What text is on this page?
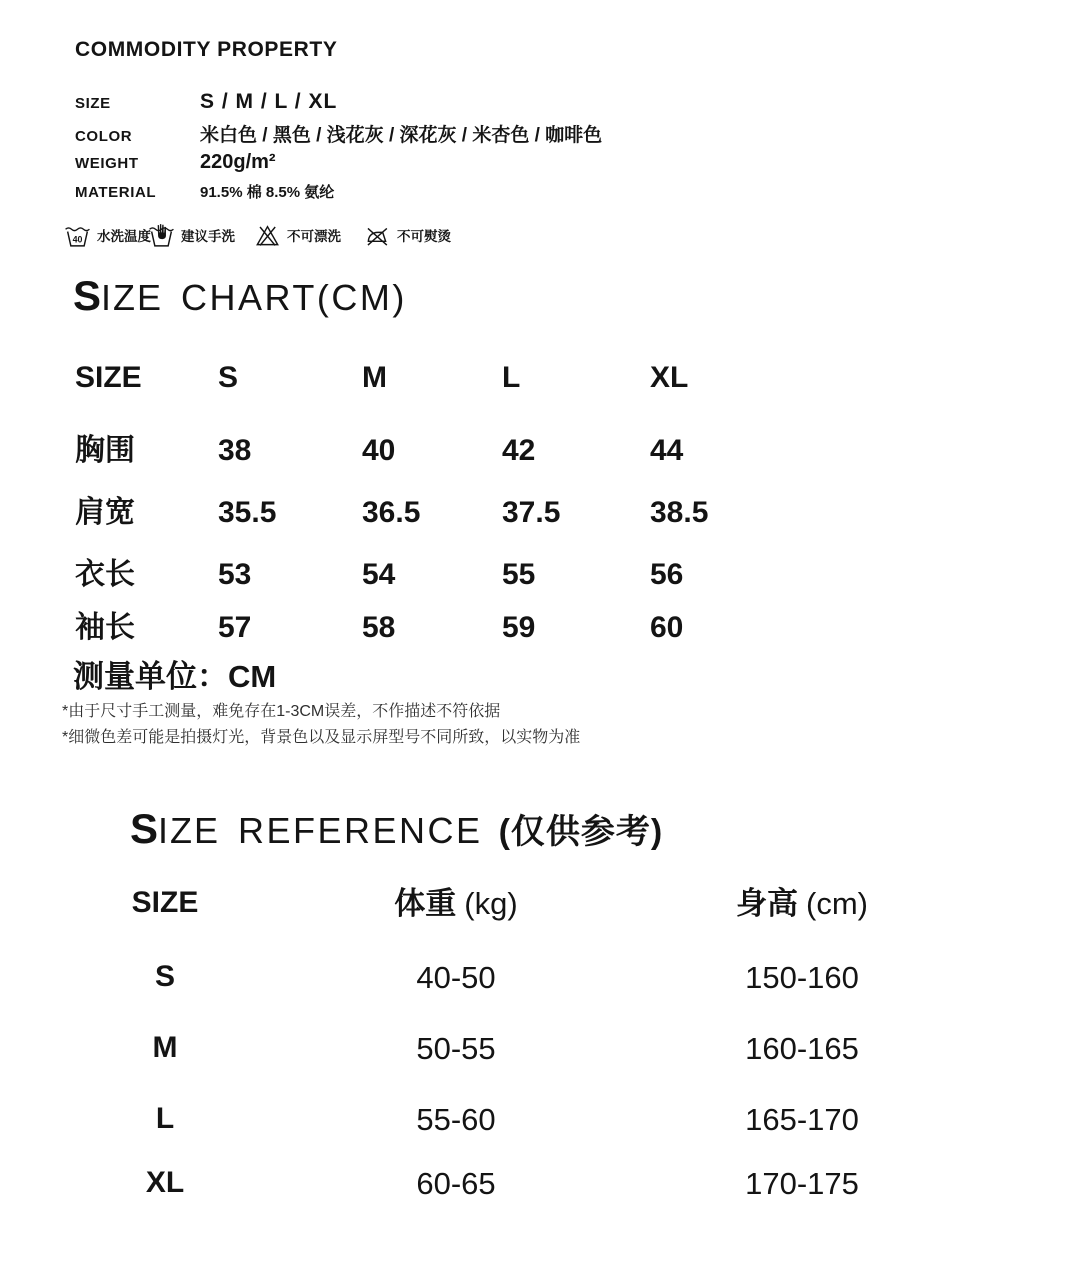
COMMODITY PROPERTY
SIZE	S / M / L / XL
COLOR	米白色 / 黑色 / 浅花灰 / 深花灰 / 米杏色 / 咖啡色
WEIGHT	220g/m²
MATERIAL	91.5% 棉 8.5% 氨纶
40 水洗温度 建议手洗	不可漂洗	不可熨烫
SIZE CHART(CM)
SIZE	S	M	L	XL
胸围	38	40	42	44
肩宽	35.5	36.5	37.5	38.5
衣长	53	54	55	56
袖长	57	58	59	60
测量单位：CM
*由于尺寸手工测量，难免存在1-3CM误差，不作描述不符依据
*细微色差可能是拍摄灯光，背景色以及显示屏型号不同所致，以实物为准
SIZE REFERENCE (仅供参考)
SIZE	体重 (kg)	身高 (cm)
S	40-50	150-160
M	50-55	160-165
L	55-60	165-170
XL	60-65	170-175
